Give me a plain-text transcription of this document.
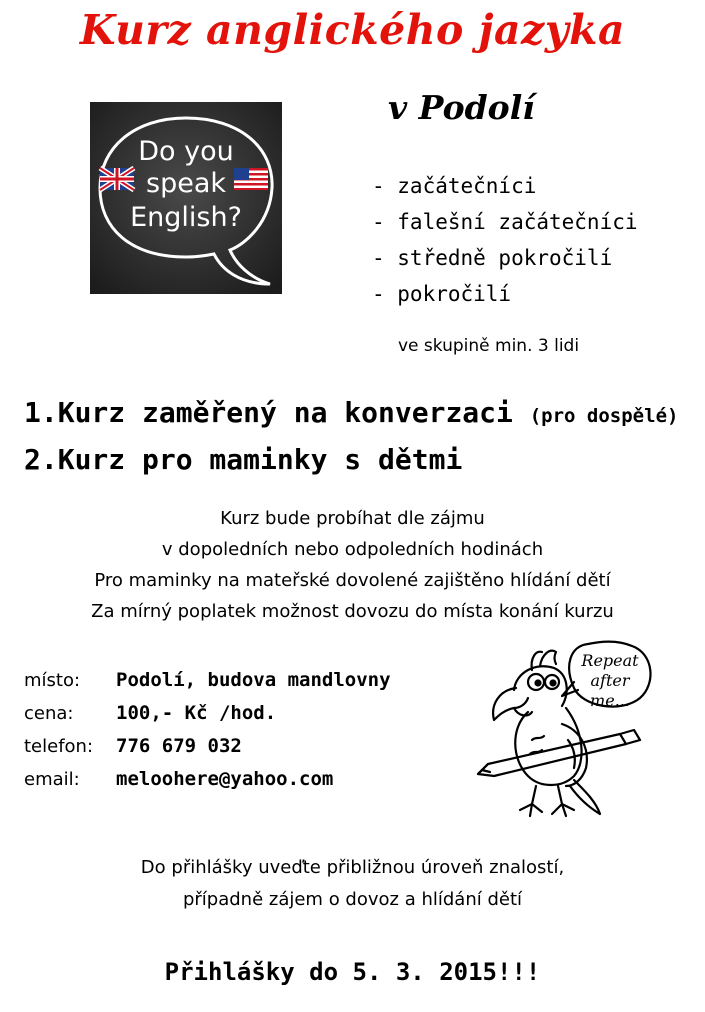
Kurz anglického jazyka
Do you
speak
English?
v Podolí
- začátečníci
- falešní začátečníci
- středně pokročilí
- pokročilí
ve skupině min. 3 lidi
1.Kurz zaměřený na konverzaci (pro dospělé)
2.Kurz pro maminky s dětmi
Kurz bude probíhat dle zájmu
v dopoledních nebo odpoledních hodinách
Pro maminky na mateřské dovolené zajištěno hlídání dětí
Za mírný poplatek možnost dovozu do místa konání kurzu
místo: Podolí, budova mandlovny
cena: 100,- Kč /hod.
telefon: 776 679 032
email: meloohere@yahoo.com
Repeat
after
me...
Do přihlášky uveďte přibližnou úroveň znalostí,
případně zájem o dovoz a hlídání dětí
Přihlášky do 5. 3. 2015!!!
